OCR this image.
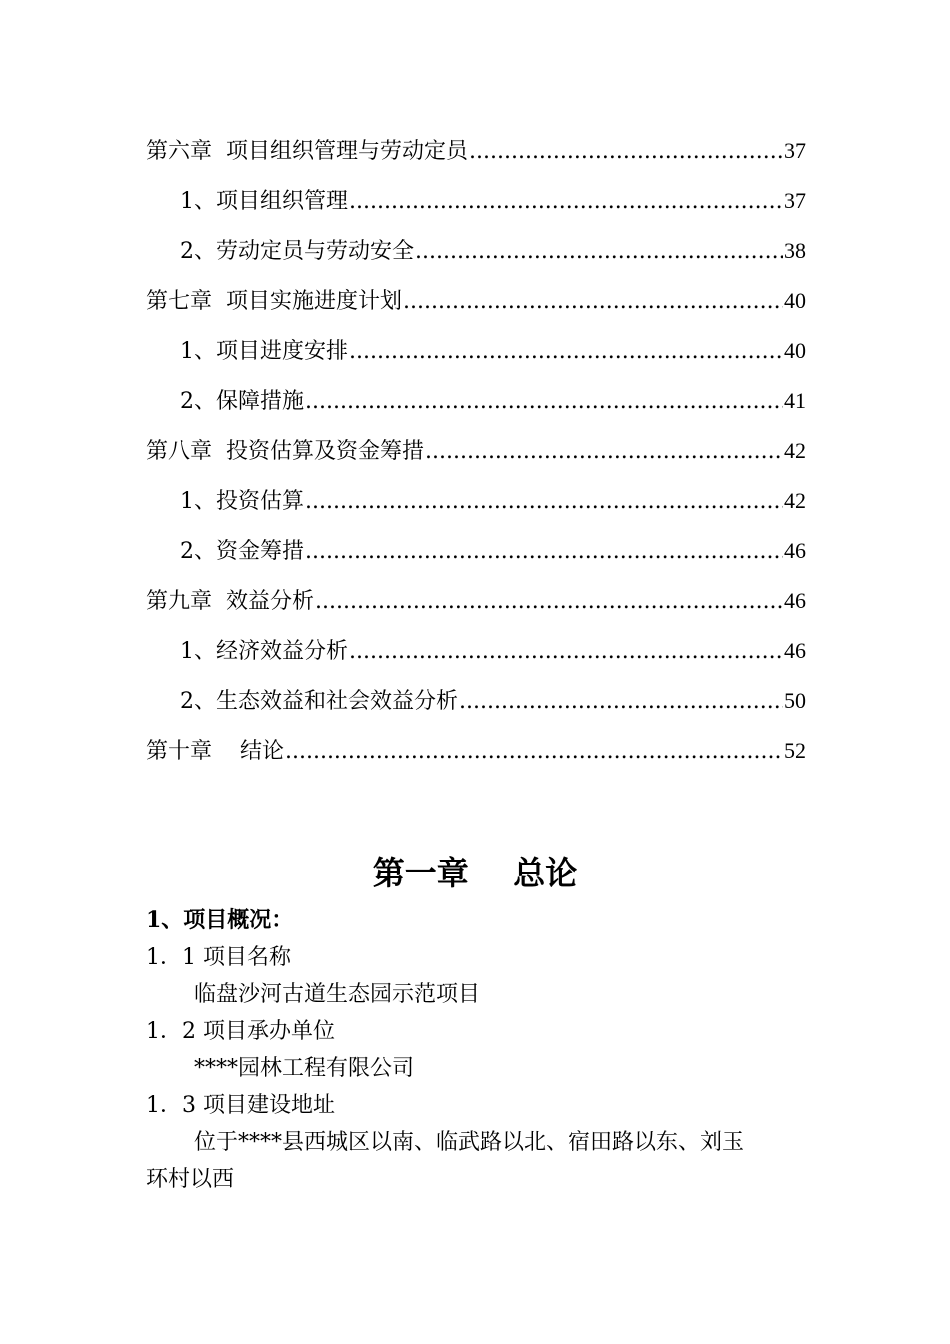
第六章  项目组织管理与劳动定员 .....	37
1、项目组织管理 .....	37
2、劳动定员与劳动安全 .....	38
第七章  项目实施进度计划 .....	40
1、项目进度安排 .....	40
2、保障措施 .....	41
第八章  投资估算及资金筹措 .....	42
1、投资估算 .....	42
2、资金筹措 .....	46
第九章  效益分析 .....	46
1、经济效益分析 .....	46
2、生态效益和社会效益分析 .....	50
第十章    结论 .....	52
第一章    总论
1、项目概况：
1．1 项目名称
临盘沙河古道生态园示范项目
1．2 项目承办单位
****园林工程有限公司
1．3 项目建设地址
位于****县西城区以南、临武路以北、宿田路以东、刘玉
环村以西
